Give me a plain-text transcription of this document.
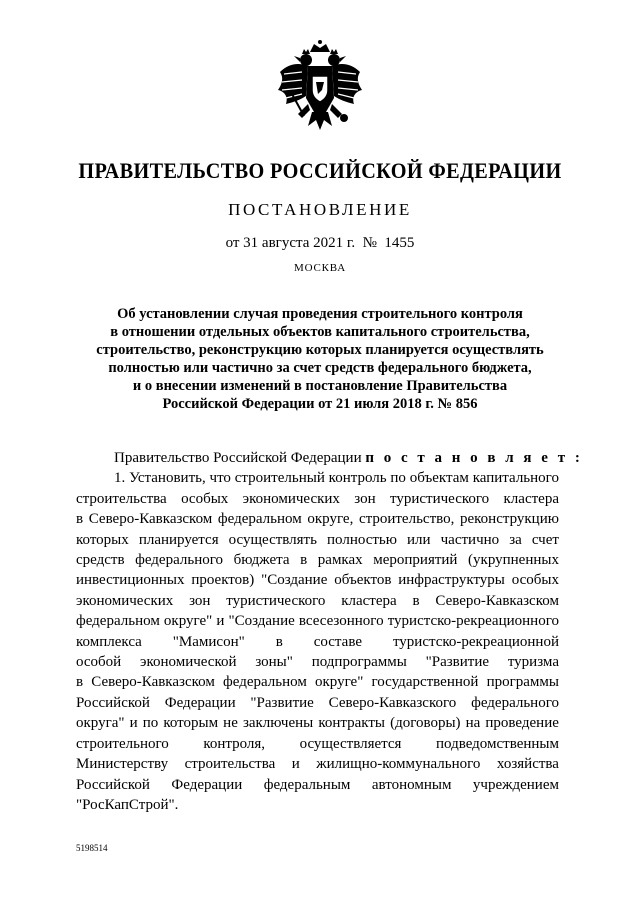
ПРАВИТЕЛЬСТВО РОССИЙСКОЙ ФЕДЕРАЦИИ
ПОСТАНОВЛЕНИЕ
от 31 августа 2021 г.  №  1455
МОСКВА
Об установлении случая проведения строительного контроля
в отношении отдельных объектов капитального строительства,
строительство, реконструкцию которых планируется осуществлять
полностью или частично за счет средств федерального бюджета,
и о внесении изменений в постановление Правительства
Российской Федерации от 21 июля 2018 г. № 856
Правительство Российской Федерации
п о с т а н о в л я е т :
1. Установить, что строительный контроль по объектам капитального
строительства особых экономических зон туристического кластера
в Северо-Кавказском федеральном округе, строительство, реконструкцию
которых планируется осуществлять полностью или частично за счет
средств федерального бюджета в рамках мероприятий (укрупненных
инвестиционных проектов) "Создание объектов инфраструктуры особых
экономических зон туристического кластера в Северо-Кавказском
федеральном округе" и "Создание всесезонного туристско-рекреационного
комплекса "Мамисон" в составе туристско-рекреационной
особой экономической зоны" подпрограммы "Развитие туризма
в Северо-Кавказском федеральном округе" государственной программы
Российской Федерации "Развитие Северо-Кавказского федерального
округа" и по которым не заключены контракты (договоры) на проведение
строительного контроля, осуществляется подведомственным
Министерству строительства и жилищно-коммунального хозяйства
Российской Федерации федеральным автономным учреждением
"РосКапСтрой".
5198514
